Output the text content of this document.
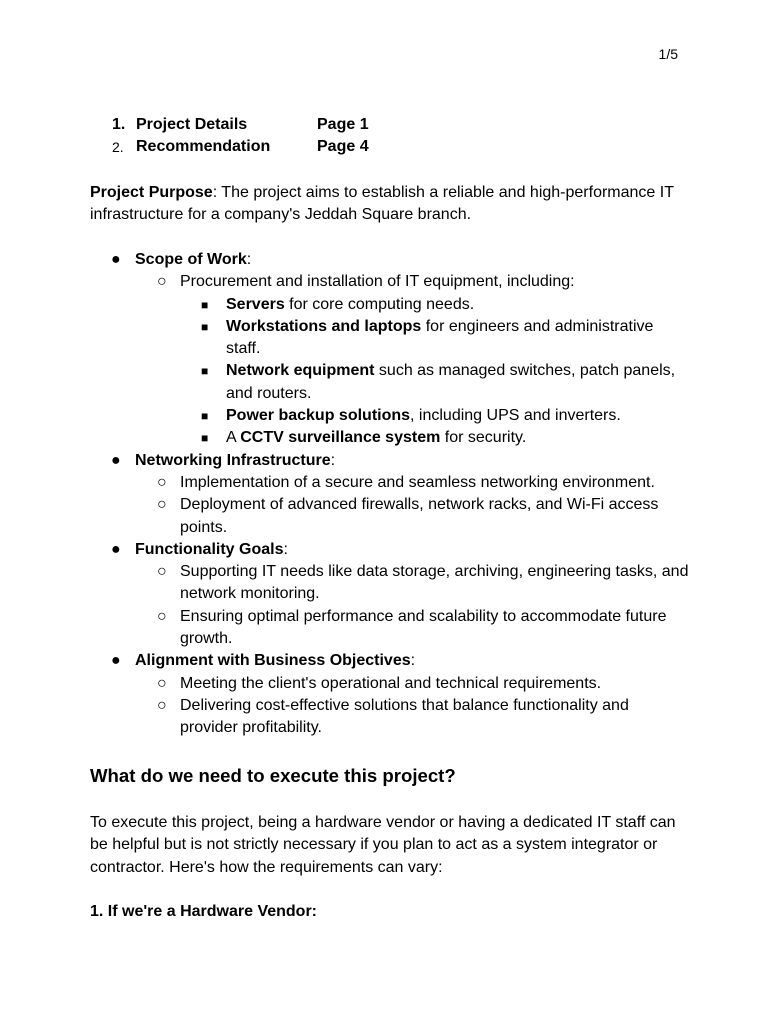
1/5
1. Project Details	Page 1
2. Recommendation	Page 4
Project Purpose: The project aims to establish a reliable and high-performance IT infrastructure for a company's Jeddah Square branch.
● Scope of Work:
○ Procurement and installation of IT equipment, including:
■ Servers for core computing needs.
■ Workstations and laptops for engineers and administrative staff.
■ Network equipment such as managed switches, patch panels, and routers.
■ Power backup solutions, including UPS and inverters.
■ A CCTV surveillance system for security.
● Networking Infrastructure:
○ Implementation of a secure and seamless networking environment.
○ Deployment of advanced firewalls, network racks, and Wi-Fi access points.
● Functionality Goals:
○ Supporting IT needs like data storage, archiving, engineering tasks, and network monitoring.
○ Ensuring optimal performance and scalability to accommodate future growth.
● Alignment with Business Objectives:
○ Meeting the client's operational and technical requirements.
○ Delivering cost-effective solutions that balance functionality and provider profitability.
What do we need to execute this project?
To execute this project, being a hardware vendor or having a dedicated IT staff can be helpful but is not strictly necessary if you plan to act as a system integrator or contractor. Here's how the requirements can vary:
1. If we're a Hardware Vendor:
